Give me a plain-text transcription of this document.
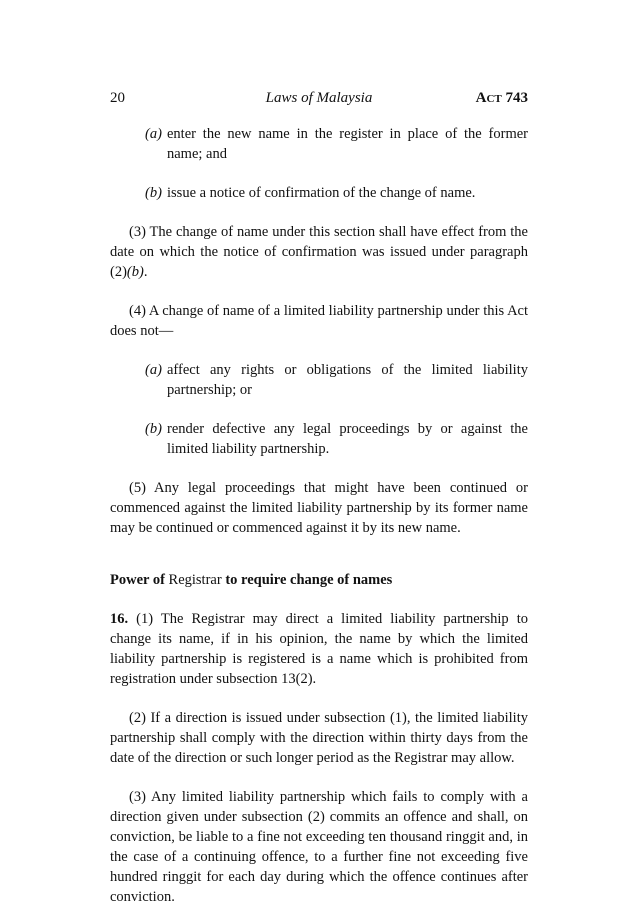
20	Laws of Malaysia	ACT 743

(a) enter the new name in the register in place of the former name; and

(b) issue a notice of confirmation of the change of name.

(3) The change of name under this section shall have effect from the date on which the notice of confirmation was issued under paragraph (2)(b).

(4) A change of name of a limited liability partnership under this Act does not—

(a) affect any rights or obligations of the limited liability partnership; or

(b) render defective any legal proceedings by or against the limited liability partnership.

(5) Any legal proceedings that might have been continued or commenced against the limited liability partnership by its former name may be continued or commenced against it by its new name.

Power of Registrar to require change of names

16. (1) The Registrar may direct a limited liability partnership to change its name, if in his opinion, the name by which the limited liability partnership is registered is a name which is prohibited from registration under subsection 13(2).

(2) If a direction is issued under subsection (1), the limited liability partnership shall comply with the direction within thirty days from the date of the direction or such longer period as the Registrar may allow.

(3) Any limited liability partnership which fails to comply with a direction given under subsection (2) commits an offence and shall, on conviction, be liable to a fine not exceeding ten thousand ringgit and, in the case of a continuing offence, to a further fine not exceeding five hundred ringgit for each day during which the offence continues after conviction.
